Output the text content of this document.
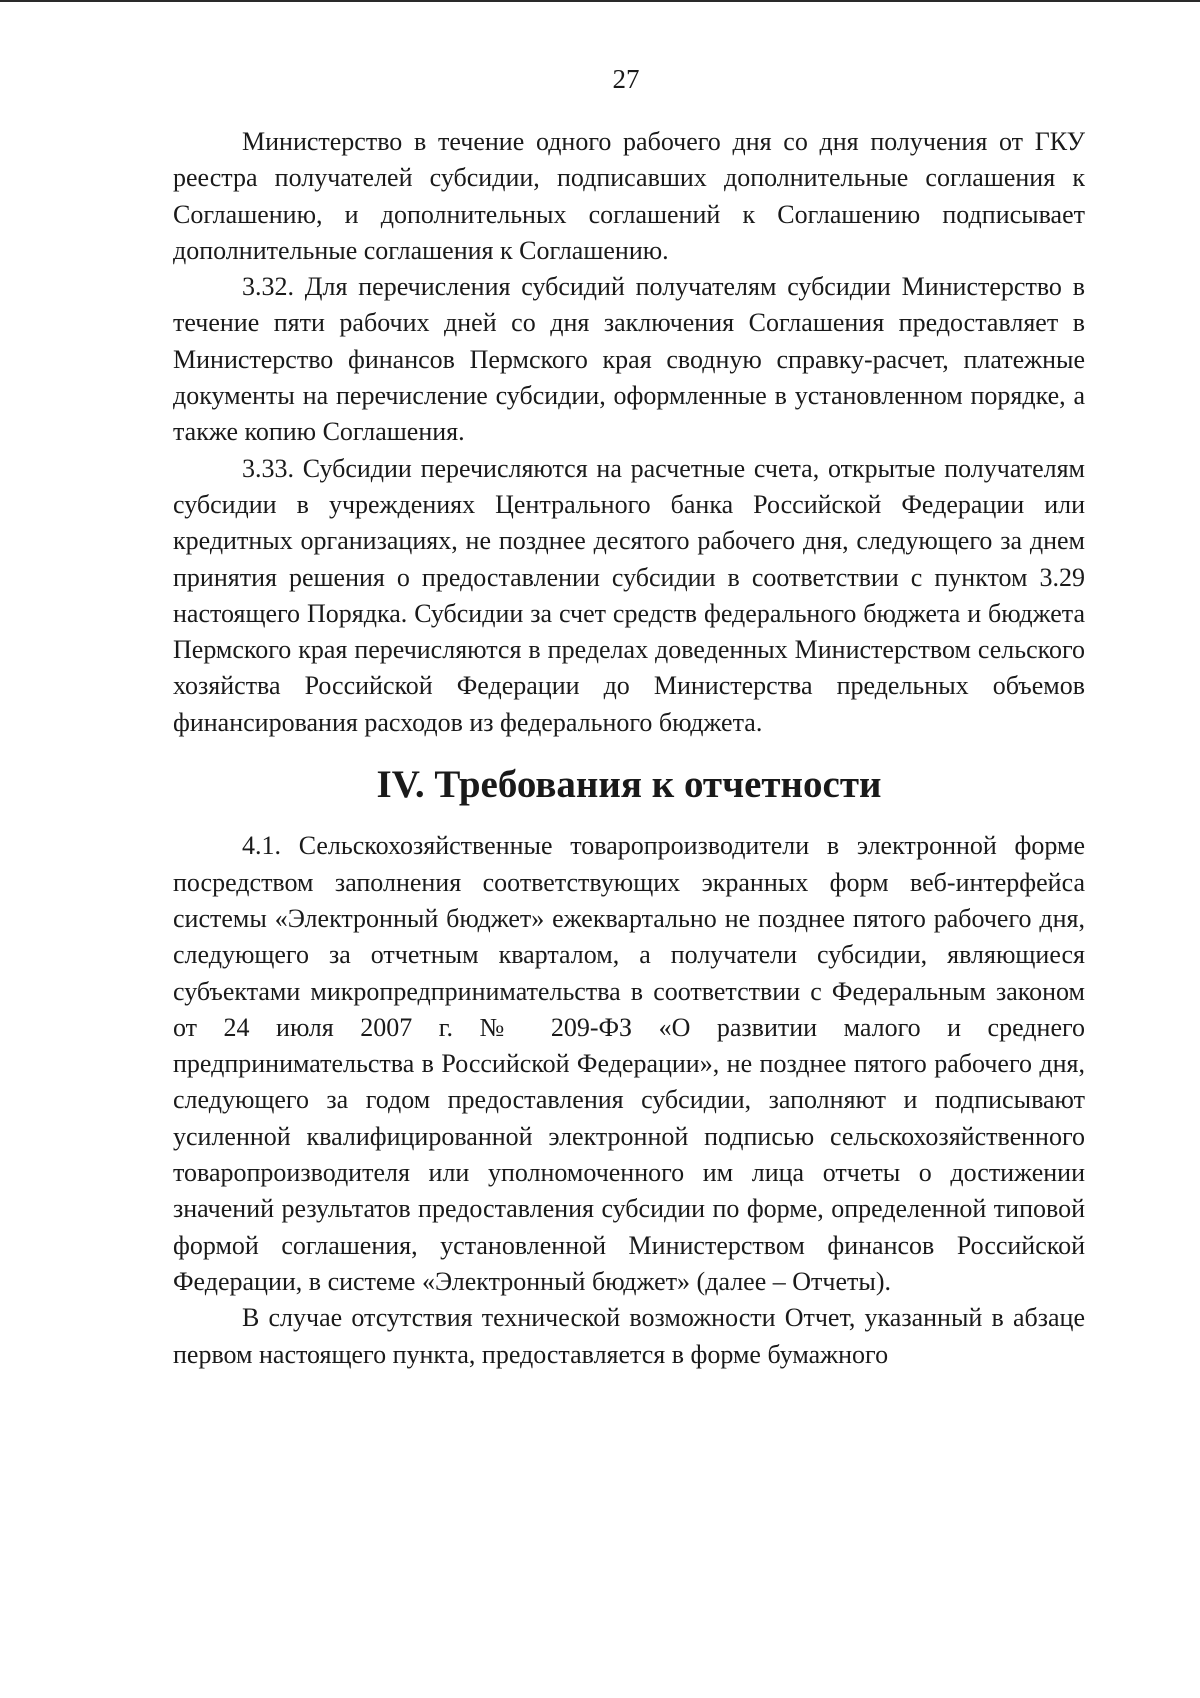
27

Министерство в течение одного рабочего дня со дня получения от ГКУ реестра получателей субсидии, подписавших дополнительные соглашения к Соглашению, и дополнительных соглашений к Соглашению подписывает дополнительные соглашения к Соглашению.

3.32. Для перечисления субсидий получателям субсидии Министерство в течение пяти рабочих дней со дня заключения Соглашения предоставляет в Министерство финансов Пермского края сводную справку-расчет, платежные документы на перечисление субсидии, оформленные в установленном порядке, а также копию Соглашения.

3.33. Субсидии перечисляются на расчетные счета, открытые получателям субсидии в учреждениях Центрального банка Российской Федерации или кредитных организациях, не позднее десятого рабочего дня, следующего за днем принятия решения о предоставлении субсидии в соответствии с пунктом 3.29 настоящего Порядка. Субсидии за счет средств федерального бюджета и бюджета Пермского края перечисляются в пределах доведенных Министерством сельского хозяйства Российской Федерации до Министерства предельных объемов финансирования расходов из федерального бюджета.

IV. Требования к отчетности

4.1. Сельскохозяйственные товаропроизводители в электронной форме посредством заполнения соответствующих экранных форм веб-интерфейса системы «Электронный бюджет» ежеквартально не позднее пятого рабочего дня, следующего за отчетным кварталом, а получатели субсидии, являющиеся субъектами микропредпринимательства в соответствии с Федеральным законом от 24 июля 2007 г. № 209-ФЗ «О развитии малого и среднего предпринимательства в Российской Федерации», не позднее пятого рабочего дня, следующего за годом предоставления субсидии, заполняют и подписывают усиленной квалифицированной электронной подписью сельскохозяйственного товаропроизводителя или уполномоченного им лица отчеты о достижении значений результатов предоставления субсидии по форме, определенной типовой формой соглашения, установленной Министерством финансов Российской Федерации, в системе «Электронный бюджет» (далее – Отчеты).

В случае отсутствия технической возможности Отчет, указанный в абзаце первом настоящего пункта, предоставляется в форме бумажного
